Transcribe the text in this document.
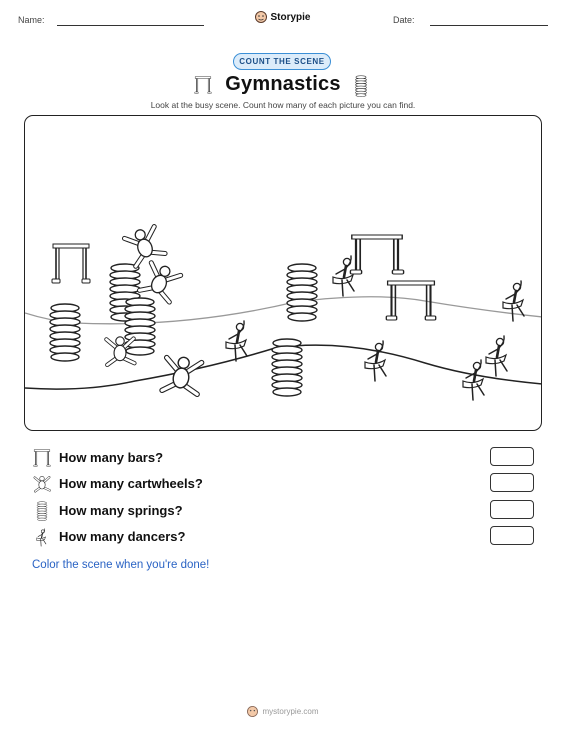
Name:	Storypie	Date:
COUNT THE SCENE
Gymnastics
Look at the busy scene. Count how many of each picture you can find.
How many bars?
How many cartwheels?
How many springs?
How many dancers?
Color the scene when you're done!
mystorypie.com
